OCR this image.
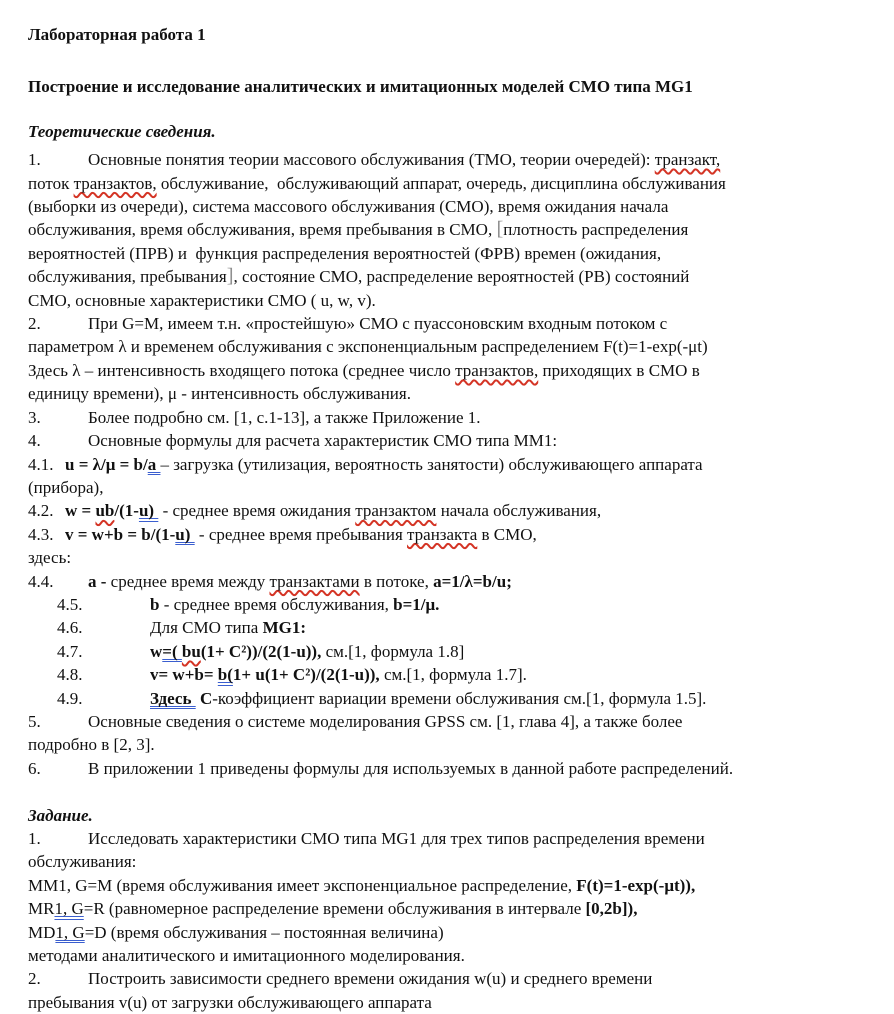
Лабораторная работа 1
Построение и исследование аналитических и имитационных моделей СМО типа MG1
Теоретические сведения.
1.	Основные понятия теории массового обслуживания (ТМО, теории очередей): транзакт,
поток транзактов, обслуживание,  обслуживающий аппарат, очередь, дисциплина обслуживания
(выборки из очереди), система массового обслуживания (СМО), время ожидания начала
обслуживания, время обслуживания, время пребывания в СМО, [плотность распределения
вероятностей (ПРВ) и  функция распределения вероятностей (ФРВ) времен (ожидания,
обслуживания, пребывания], состояние СМО, распределение вероятностей (РВ) состояний
СМО, основные характеристики СМО ( u, w, v).
2.	При G=M, имеем т.н. «простейшую» СМО с пуассоновским входным потоком с
параметром λ и временем обслуживания с экспоненциальным распределением F(t)=1-exp(-μt)
Здесь λ – интенсивность входящего потока (среднее число транзактов, приходящих в СМО в
единицу времени), μ - интенсивность обслуживания.
3.	Более подробно см. [1, с.1-13], а также Приложение 1.
4.	Основные формулы для расчета характеристик СМО типа ММ1:
4.1. u = λ/μ = b/a – загрузка (утилизация, вероятность занятости) обслуживающего аппарата
(прибора),
4.2. w = ub/(1-u)  - среднее время ожидания транзактом начала обслуживания,
4.3. v = w+b = b/(1-u)  - среднее время пребывания транзакта в СМО,
здесь:
4.4. a - среднее время между транзактами в потоке, a=1/λ=b/u;
4.5.	b - среднее время обслуживания, b=1/μ.
4.6.	Для СМО типа MG1:
4.7.	w=( bu(1+ C²))/(2(1-u)), см.[1, формула 1.8]
4.8.	v= w+b= b(1+ u(1+ C²)/(2(1-u)), см.[1, формула 1.7].
4.9.	Здесь  C-коэффициент вариации времени обслуживания см.[1, формула 1.5].
5.	Основные сведения о системе моделирования GPSS см. [1, глава 4], а также более
подробно в [2, 3].
6.	В приложении 1 приведены формулы для используемых в данной работе распределений.
Задание.
1.	Исследовать характеристики СМО типа MG1 для трех типов распределения времени
обслуживания:
ММ1, G=M (время обслуживания имеет экспоненциальное распределение, F(t)=1-exp(-μt)),
MR1, G=R (равномерное распределение времени обслуживания в интервале [0,2b]),
MD1, G=D (время обслуживания – постоянная величина)
методами аналитического и имитационного моделирования.
2.	Построить зависимости среднего времени ожидания w(u) и среднего времени
пребывания v(u) от загрузки обслуживающего аппарата
